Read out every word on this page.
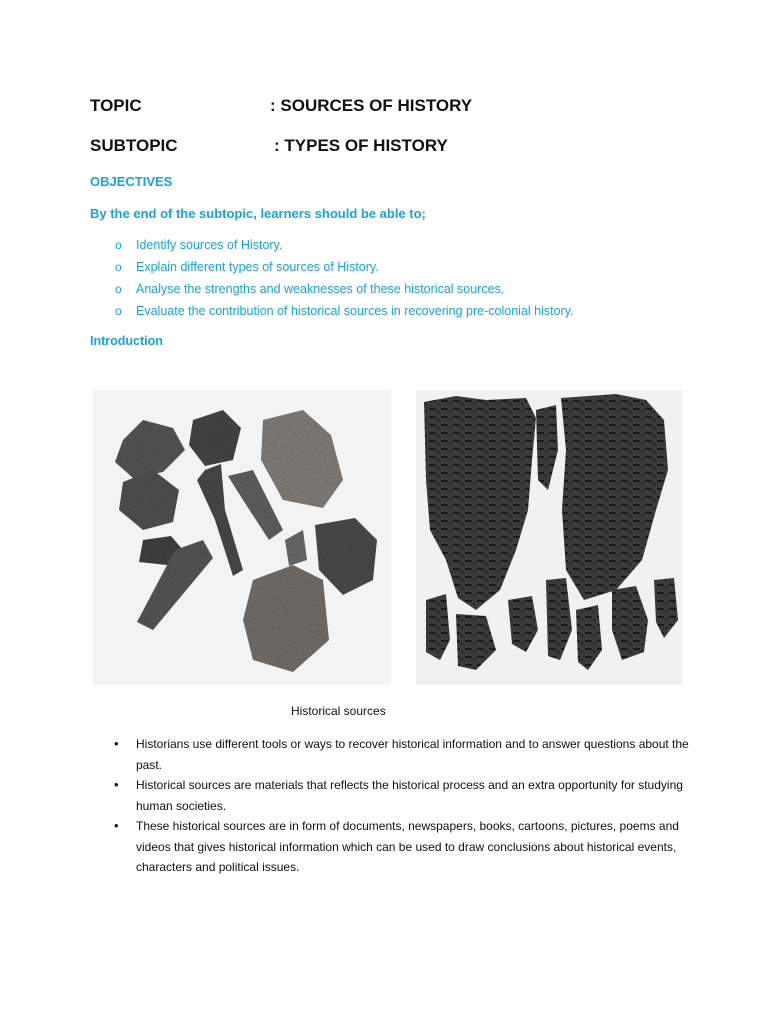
TOPIC	: SOURCES OF HISTORY
SUBTOPIC	: TYPES OF HISTORY
OBJECTIVES
By the end of the subtopic, learners should be able to;
o Identify sources of History.
o Explain different types of sources of History.
o Analyse the strengths and weaknesses of these historical sources.
o Evaluate the contribution of historical sources in recovering pre-colonial history.
Introduction
Historical sources
• Historians use different tools or ways to recover historical information and to answer questions about the past.
• Historical sources are materials that reflects the historical process and an extra opportunity for studying human societies.
• These historical sources are in form of documents, newspapers, books, cartoons, pictures, poems and videos that gives historical information which can be used to draw conclusions about historical events, characters and political issues.
